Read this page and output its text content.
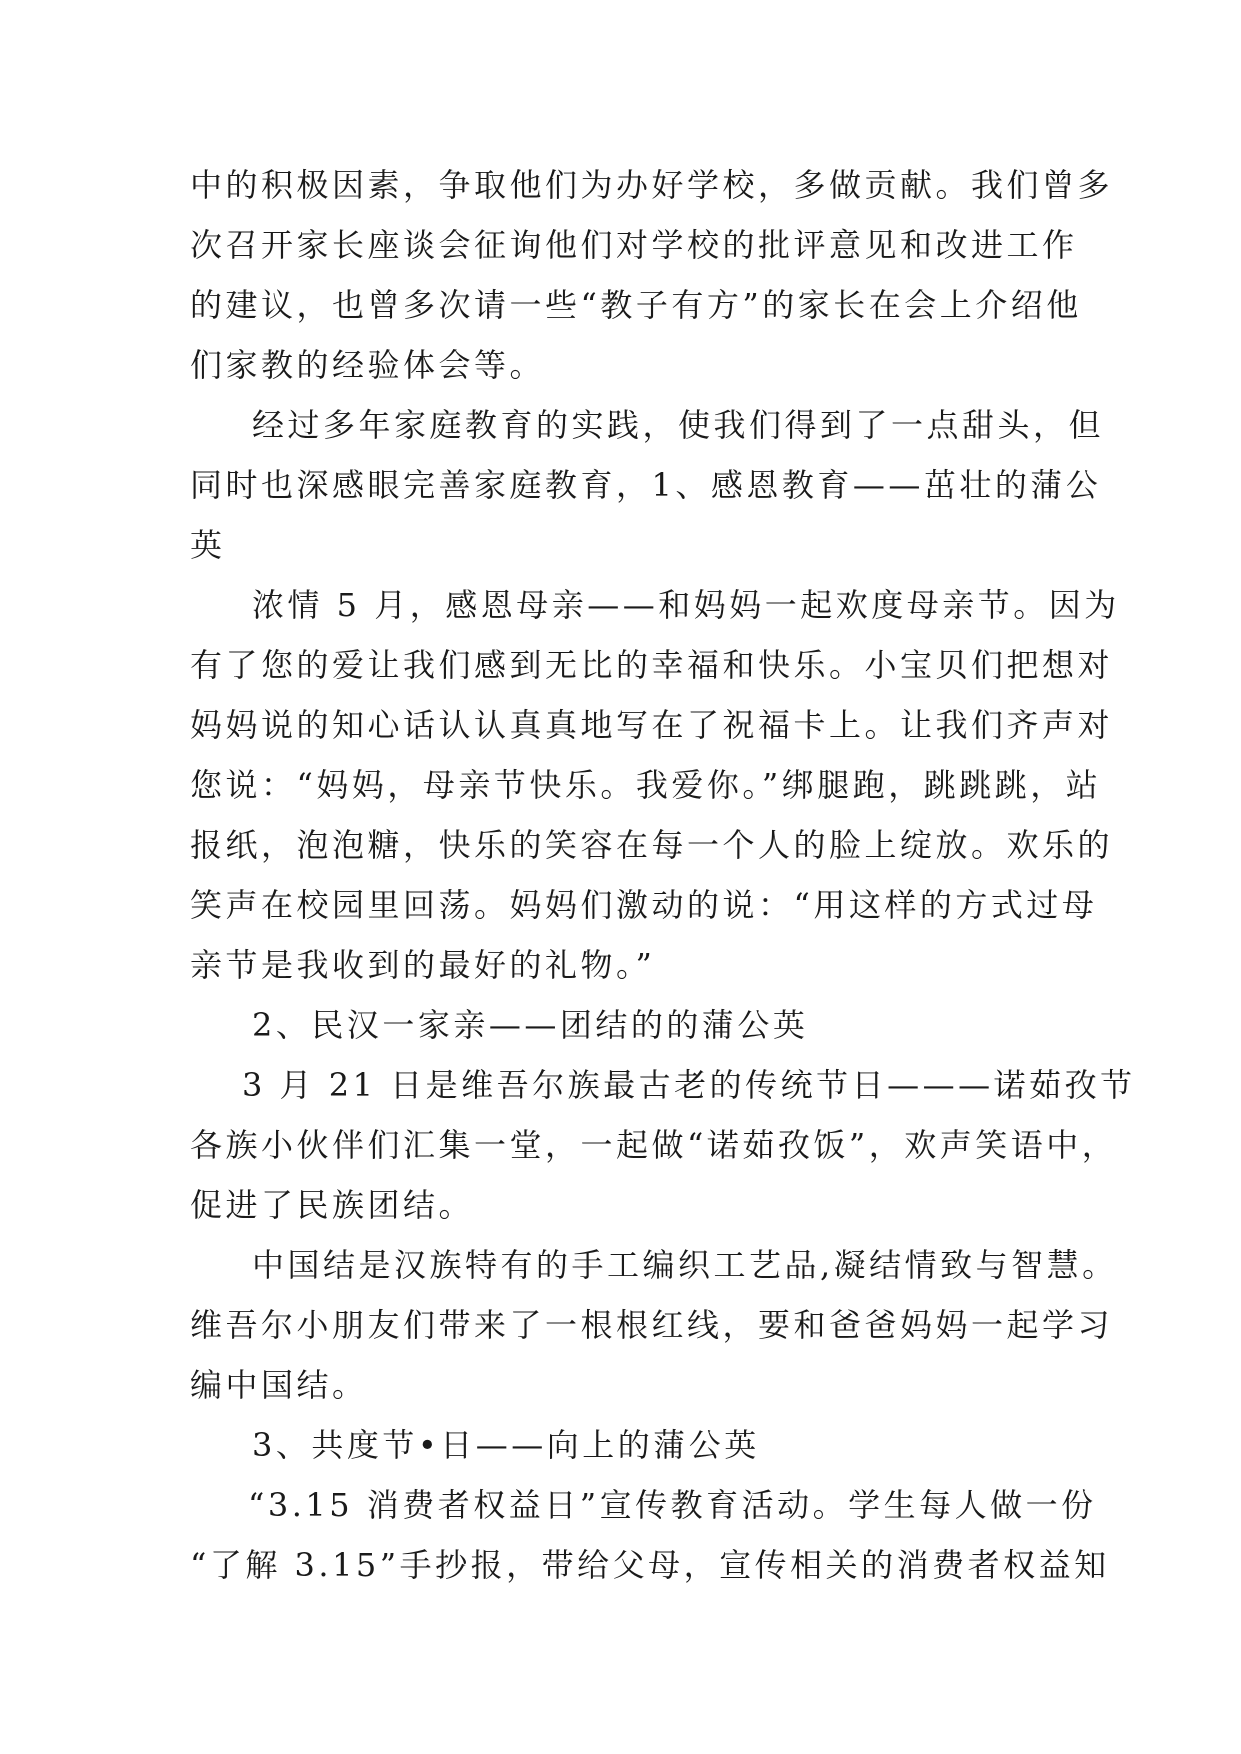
中的积极因素，争取他们为办好学校，多做贡献。我们曾多
次召开家长座谈会征询他们对学校的批评意见和改进工作
的建议，也曾多次请一些“教子有方”的家长在会上介绍他
们家教的经验体会等。
经过多年家庭教育的实践，使我们得到了一点甜头，但
同时也深感眼完善家庭教育，1、感恩教育——茁壮的蒲公
英
浓情 5 月，感恩母亲——和妈妈一起欢度母亲节。因为
有了您的爱让我们感到无比的幸福和快乐。小宝贝们把想对
妈妈说的知心话认认真真地写在了祝福卡上。让我们齐声对
您说：“妈妈，母亲节快乐。我爱你。”绑腿跑，跳跳跳，站
报纸，泡泡糖，快乐的笑容在每一个人的脸上绽放。欢乐的
笑声在校园里回荡。妈妈们激动的说：“用这样的方式过母
亲节是我收到的最好的礼物。”
2、民汉一家亲——团结的的蒲公英
3 月 21 日是维吾尔族最古老的传统节日———诺茹孜节
各族小伙伴们汇集一堂，一起做“诺茹孜饭”，欢声笑语中，
促进了民族团结。
中国结是汉族特有的手工编织工艺品,凝结情致与智慧。
维吾尔小朋友们带来了一根根红线，要和爸爸妈妈一起学习
编中国结。
3、共度节•日——向上的蒲公英
“3.15 消费者权益日”宣传教育活动。学生每人做一份
“了解 3.15”手抄报，带给父母，宣传相关的消费者权益知
